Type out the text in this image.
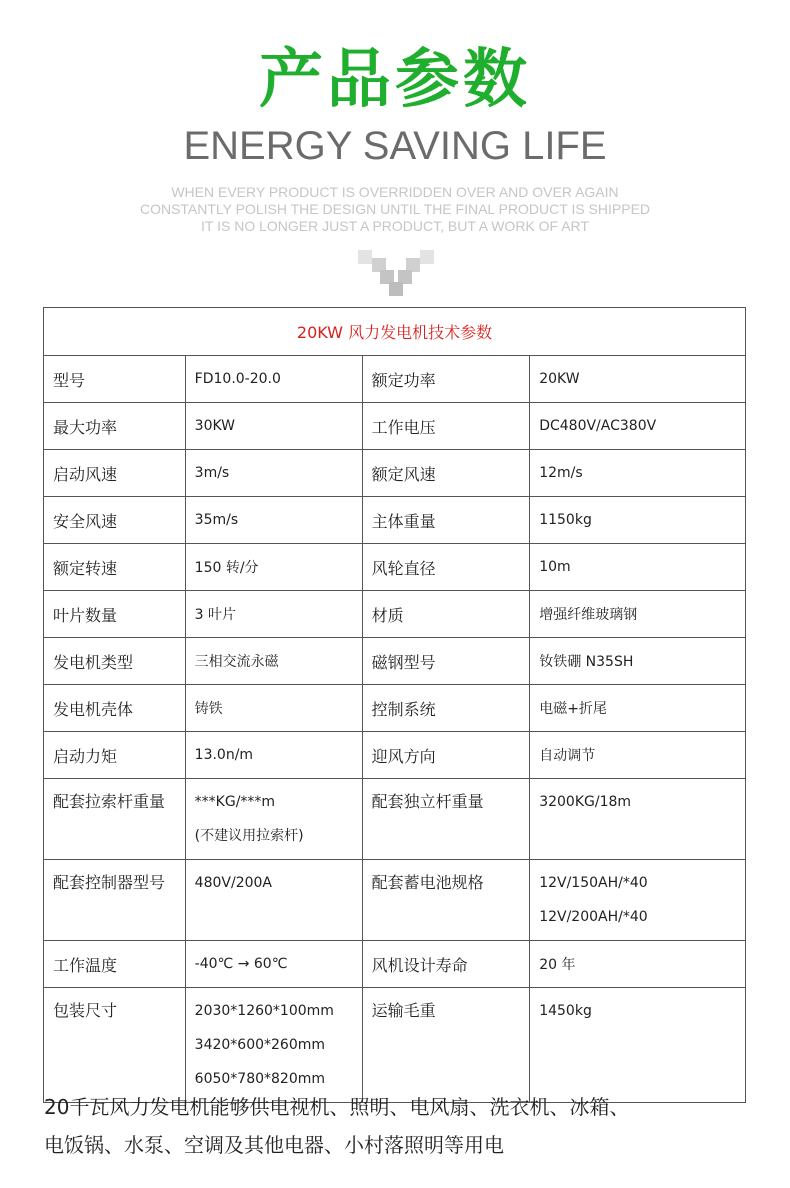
产品参数
ENERGY SAVING LIFE
WHEN EVERY PRODUCT IS OVERRIDDEN OVER AND OVER AGAIN
CONSTANTLY POLISH THE DESIGN UNTIL THE FINAL PRODUCT IS SHIPPED
IT IS NO LONGER JUST A PRODUCT, BUT A WORK OF ART
20KW 风力发电机技术参数			

型号	FD10.0-20.0	额定功率	20KW

最大功率	30KW	工作电压	DC480V/AC380V

启动风速	3m/s	额定风速	12m/s

安全风速	35m/s	主体重量	1150kg

额定转速	150 转/分	风轮直径	10m

叶片数量	3 叶片	材质	增强纤维玻璃钢

发电机类型	三相交流永磁	磁钢型号	钕铁硼 N35SH

发电机壳体	铸铁	控制系统	电磁+折尾

启动力矩	13.0n/m	迎风方向	自动调节

配套拉索杆重量	***KG/***m
(不建议用拉索杆)	配套独立杆重量	3200KG/18m

配套控制器型号	480V/200A	配套蓄电池规格	12V/150AH/*40
12V/200AH/*40

工作温度	-40℃ → 60℃	风机设计寿命	20 年

包装尺寸	2030*1260*100mm
3420*600*260mm
6050*780*820mm	运输毛重	1450kg
20千瓦风力发电机能够供电视机、照明、电风扇、洗衣机、冰箱、
电饭锅、水泵、空调及其他电器、小村落照明等用电
